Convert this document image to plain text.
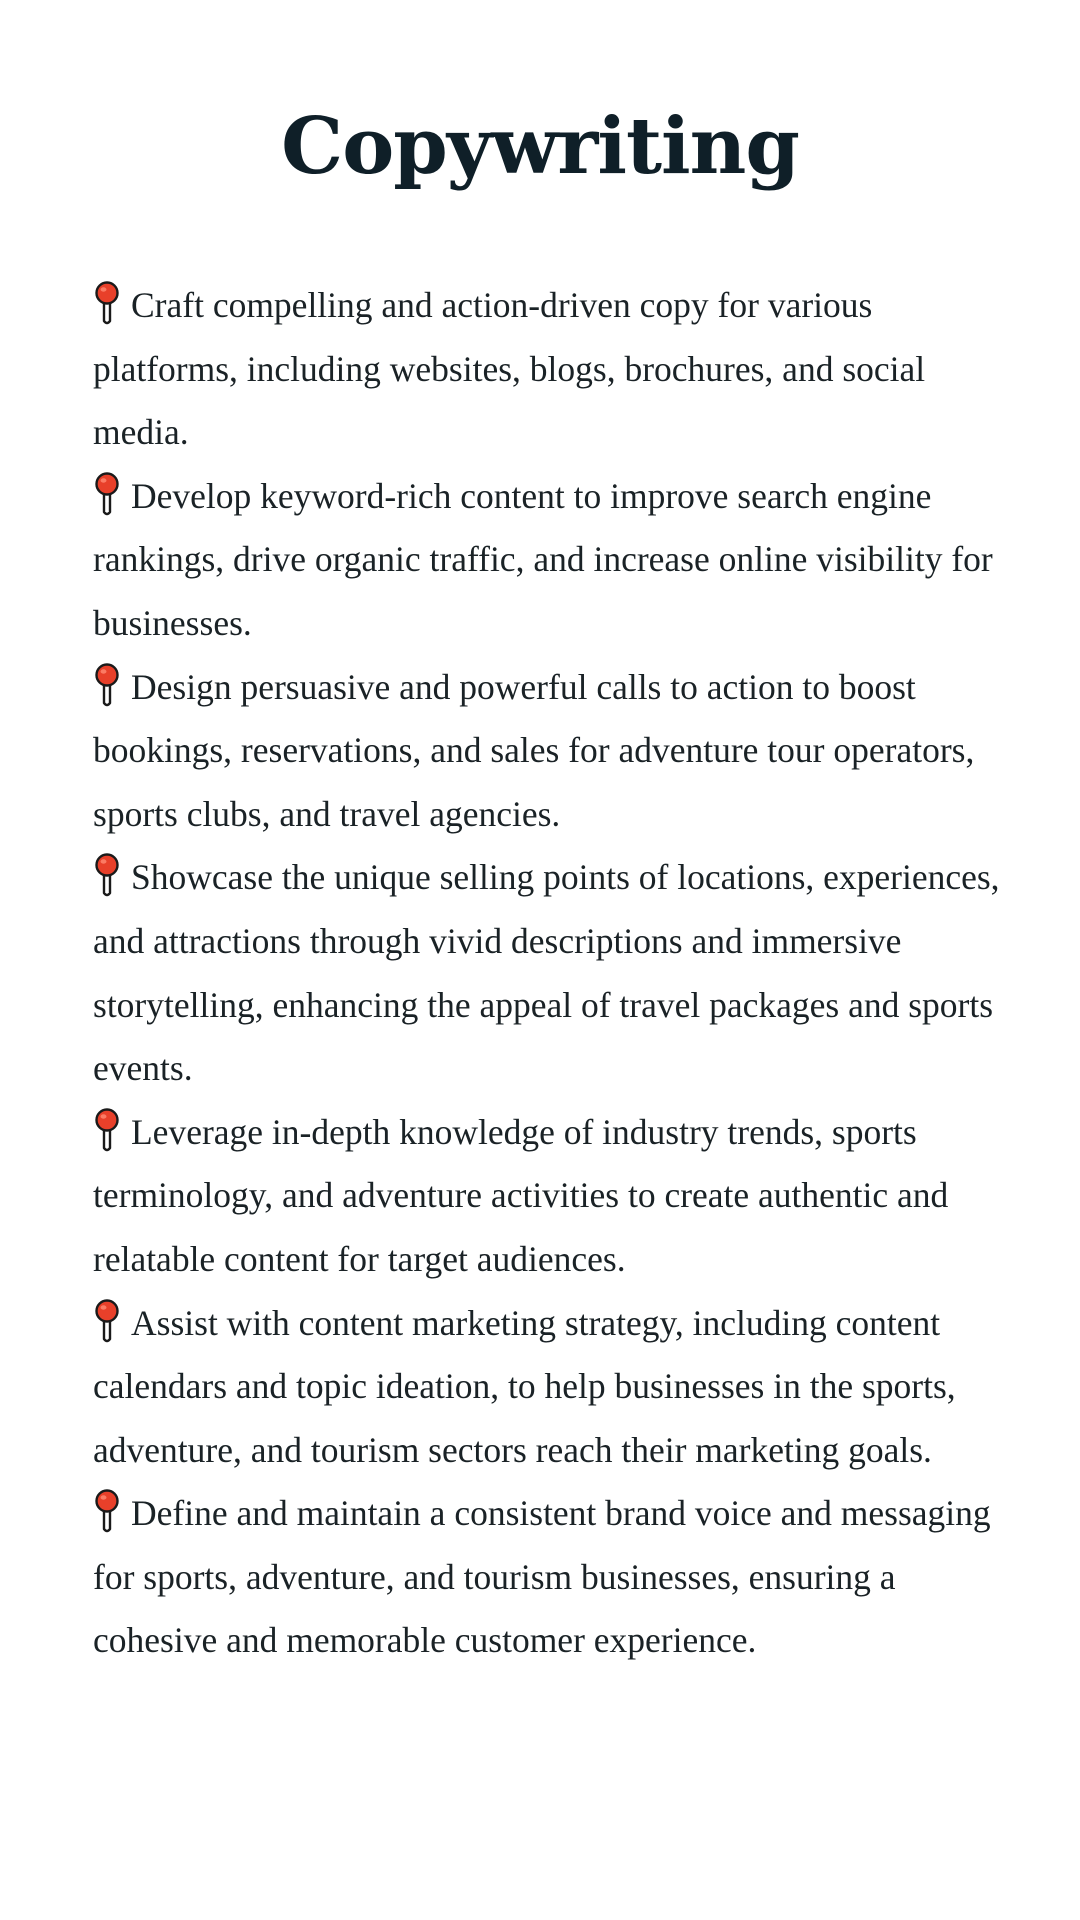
Copywriting
Craft compelling and action-driven copy for various platforms, including websites, blogs, brochures, and social media.
Develop keyword-rich content to improve search engine rankings, drive organic traffic, and increase online visibility for businesses.
Design persuasive and powerful calls to action to boost bookings, reservations, and sales for adventure tour operators, sports clubs, and travel agencies.
Showcase the unique selling points of locations, experiences, and attractions through vivid descriptions and immersive storytelling, enhancing the appeal of travel packages and sports events.
Leverage in-depth knowledge of industry trends, sports terminology, and adventure activities to create authentic and relatable content for target audiences.
Assist with content marketing strategy, including content calendars and topic ideation, to help businesses in the sports, adventure, and tourism sectors reach their marketing goals.
Define and maintain a consistent brand voice and messaging for sports, adventure, and tourism businesses, ensuring a cohesive and memorable customer experience.
